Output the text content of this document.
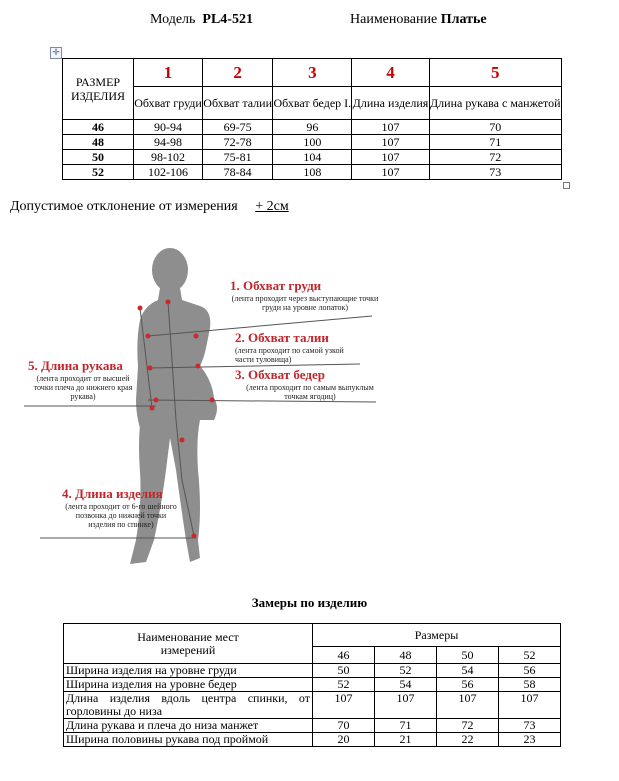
Модель PL4-521	Наименование Платье
✛
РАЗМЕР ИЗДЕЛИЯ	1	2	3	4	5
	Обхват груди	Обхват талии	Обхват бедер I.	Длина изделия	Длина рукава с манжетой
46	90-94	69-75	96	107	70
48	94-98	72-78	100	107	71
50	98-102	75-81	104	107	72
52	102-106	78-84	108	107	73
Допустимое отклонение от измерения + 2см
1. Обхват груди
(лента проходит через выступающие точки груди на уровне лопаток)
2. Обхват талии
(лента проходит по самой узкой части туловища)
3. Обхват бедер
(лента проходит по самым выпуклым точкам ягодиц)
5. Длина рукава
(лента проходит от высшей точки плеча до нижнего края рукава)
4. Длина изделия
(лента проходит от 6-го шейного позвонка до нижней точки изделия по спинке)
Замеры по изделию
Наименование мест измерений	Размеры			
	46	48	50	52
Ширина изделия на уровне груди	50	52	54	56
Ширина изделия на уровне бедер	52	54	56	58
Длина изделия вдоль центра спинки, от горловины до низа	107	107	107	107
Длина рукава и плеча до низа манжет	70	71	72	73
Ширина половины рукава под проймой	20	21	22	23
